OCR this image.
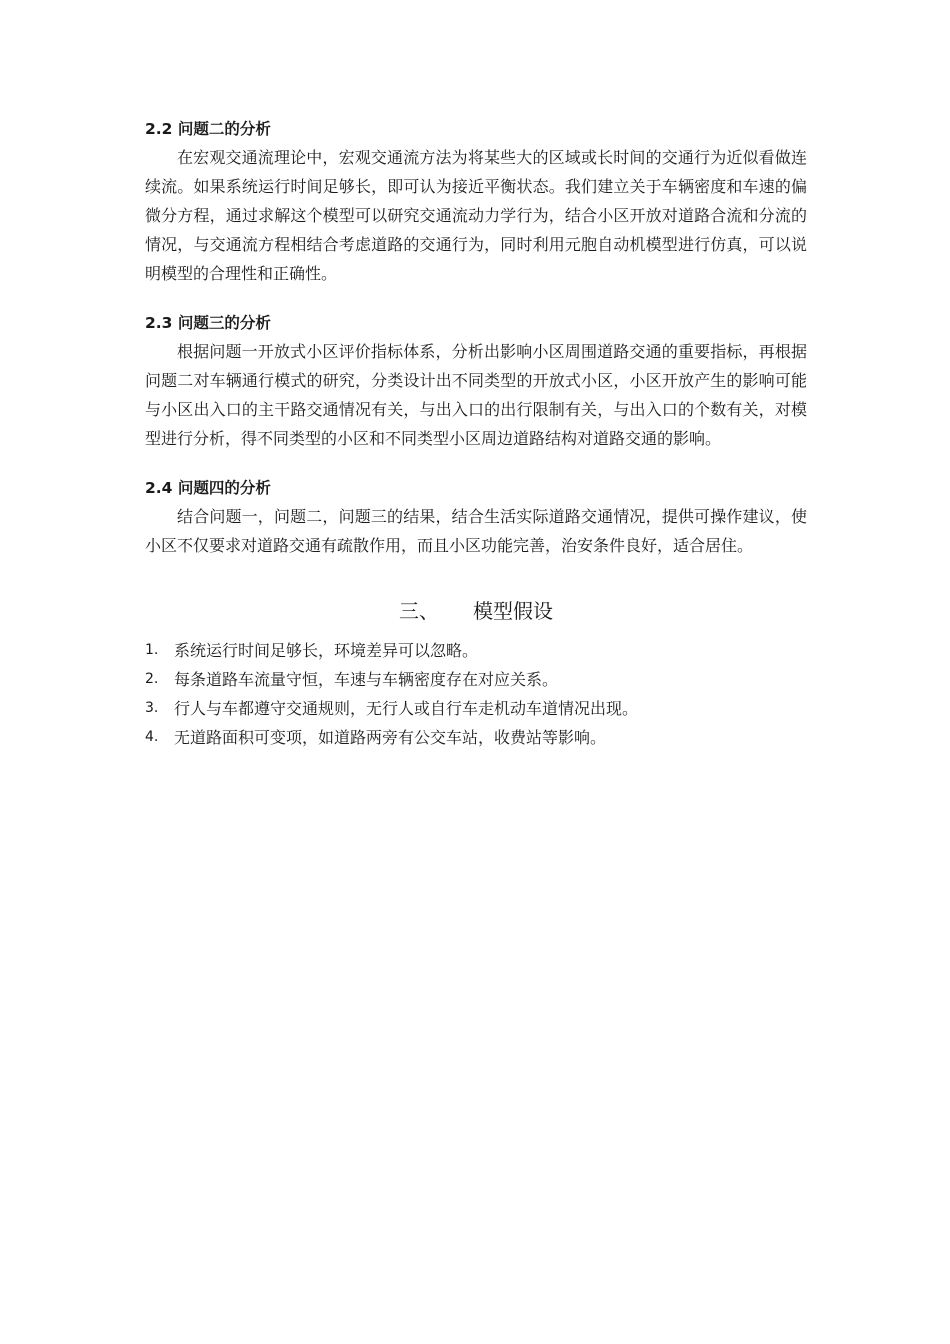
2.2 问题二的分析

在宏观交通流理论中，宏观交通流方法为将某些大的区域或长时间的交通行为近似看做连续流。如果系统运行时间足够长，即可认为接近平衡状态。我们建立关于车辆密度和车速的偏微分方程，通过求解这个模型可以研究交通流动力学行为，结合小区开放对道路合流和分流的情况，与交通流方程相结合考虑道路的交通行为，同时利用元胞自动机模型进行仿真，可以说明模型的合理性和正确性。

2.3 问题三的分析

根据问题一开放式小区评价指标体系，分析出影响小区周围道路交通的重要指标，再根据问题二对车辆通行模式的研究，分类设计出不同类型的开放式小区，小区开放产生的影响可能与小区出入口的主干路交通情况有关，与出入口的出行限制有关，与出入口的个数有关，对模型进行分析，得不同类型的小区和不同类型小区周边道路结构对道路交通的影响。

2.4 问题四的分析

结合问题一，问题二，问题三的结果，结合生活实际道路交通情况，提供可操作建议，使小区不仅要求对道路交通有疏散作用，而且小区功能完善，治安条件良好，适合居住。

三、 模型假设
1. 系统运行时间足够长，环境差异可以忽略。
2. 每条道路车流量守恒，车速与车辆密度存在对应关系。
3. 行人与车都遵守交通规则，无行人或自行车走机动车道情况出现。
4. 无道路面积可变项，如道路两旁有公交车站，收费站等影响。
